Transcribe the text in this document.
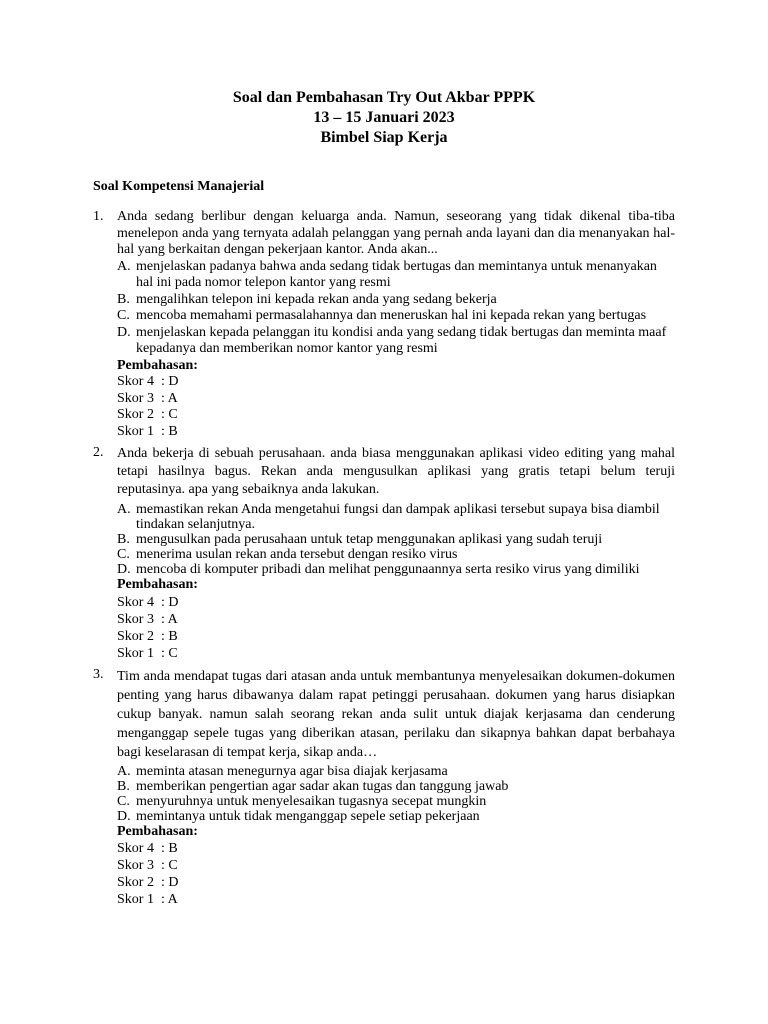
Soal dan Pembahasan Try Out Akbar PPPK
13 – 15 Januari 2023
Bimbel Siap Kerja
Soal Kompetensi Manajerial
1. Anda sedang berlibur dengan keluarga anda. Namun, seseorang yang tidak dikenal tiba-tiba menelepon anda yang ternyata adalah pelanggan yang pernah anda layani dan dia menanyakan hal-hal yang berkaitan dengan pekerjaan kantor. Anda akan...
A. menjelaskan padanya bahwa anda sedang tidak bertugas dan memintanya untuk menanyakan hal ini pada nomor telepon kantor yang resmi
B. mengalihkan telepon ini kepada rekan anda yang sedang bekerja
C. mencoba memahami permasalahannya dan meneruskan hal ini kepada rekan yang bertugas
D. menjelaskan kepada pelanggan itu kondisi anda yang sedang tidak bertugas dan meminta maaf kepadanya dan memberikan nomor kantor yang resmi
Pembahasan:
Skor 4  : D
Skor 3  : A
Skor 2  : C
Skor 1  : B
2. Anda bekerja di sebuah perusahaan. anda biasa menggunakan aplikasi video editing yang mahal tetapi hasilnya bagus. Rekan anda mengusulkan aplikasi yang gratis tetapi belum teruji reputasinya. apa yang sebaiknya anda lakukan.
A. memastikan rekan Anda mengetahui fungsi dan dampak aplikasi tersebut supaya bisa diambil tindakan selanjutnya.
B. mengusulkan pada perusahaan untuk tetap menggunakan aplikasi yang sudah teruji
C. menerima usulan rekan anda tersebut dengan resiko virus
D. mencoba di komputer pribadi dan melihat penggunaannya serta resiko virus yang dimiliki
Pembahasan:
Skor 4  : D
Skor 3  : A
Skor 2  : B
Skor 1  : C
3. Tim anda mendapat tugas dari atasan anda untuk membantunya menyelesaikan dokumen-dokumen penting yang harus dibawanya dalam rapat petinggi perusahaan. dokumen yang harus disiapkan cukup banyak. namun salah seorang rekan anda sulit untuk diajak kerjasama dan cenderung menganggap sepele tugas yang diberikan atasan, perilaku dan sikapnya bahkan dapat berbahaya bagi keselarasan di tempat kerja, sikap anda…
A. meminta atasan menegurnya agar bisa diajak kerjasama
B. memberikan pengertian agar sadar akan tugas dan tanggung jawab
C. menyuruhnya untuk menyelesaikan tugasnya secepat mungkin
D. memintanya untuk tidak menganggap sepele setiap pekerjaan
Pembahasan:
Skor 4  : B
Skor 3  : C
Skor 2  : D
Skor 1  : A
